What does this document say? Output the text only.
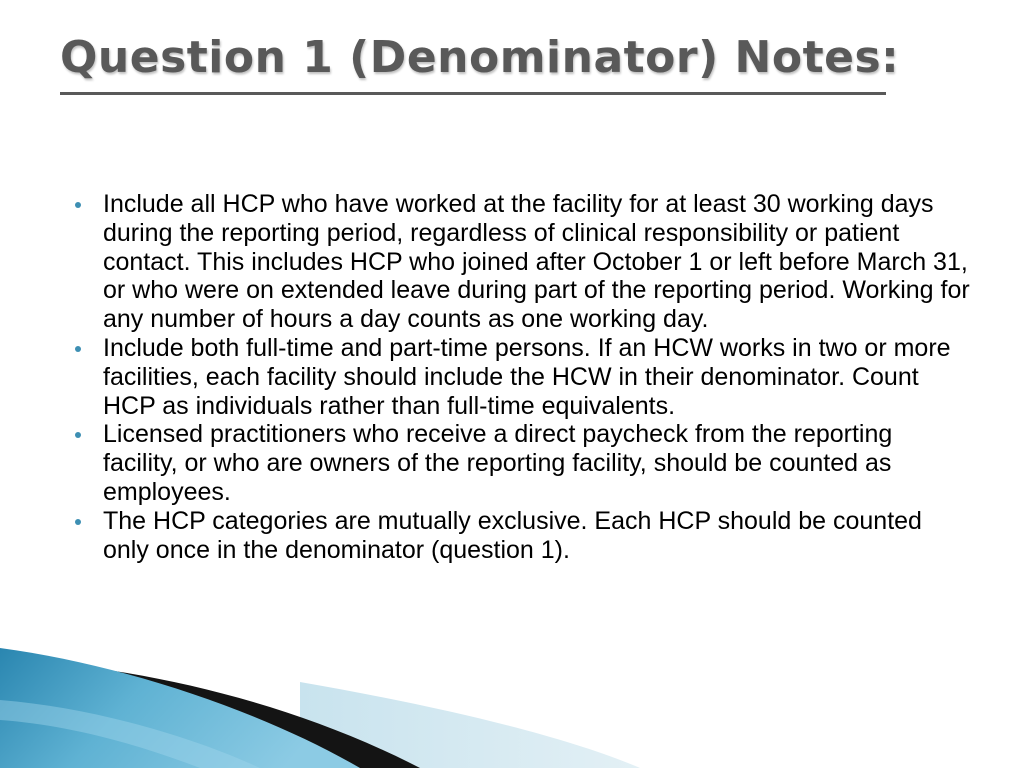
Question 1 (Denominator) Notes:
Include all HCP who have worked at the facility for at least 30 working days during the reporting period, regardless of clinical responsibility or patient contact. This includes HCP who joined after October 1 or left before March 31, or who were on extended leave during part of the reporting period. Working for any number of hours a day counts as one working day.
Include both full-time and part-time persons. If an HCW works in two or more facilities, each facility should include the HCW in their denominator. Count HCP as individuals rather than full-time equivalents.
Licensed practitioners who receive a direct paycheck from the reporting facility, or who are owners of the reporting facility, should be counted as employees.
The HCP categories are mutually exclusive. Each HCP should be counted only once in the denominator (question 1).
